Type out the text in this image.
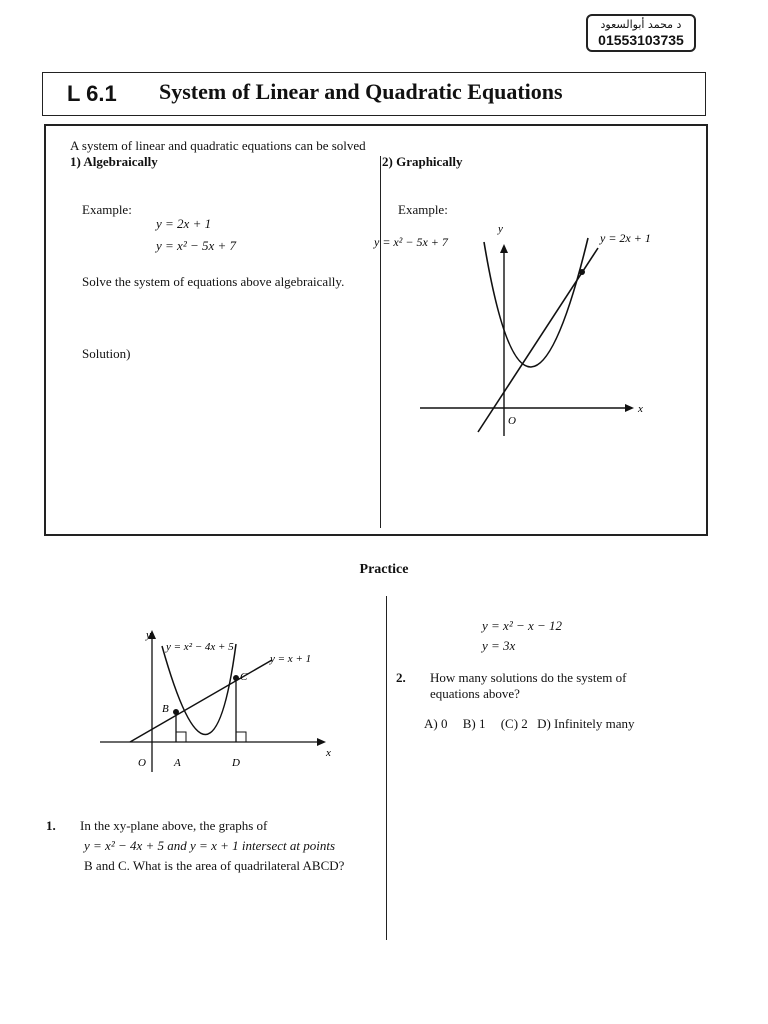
د محمد أبوالسعود
01553103735
L 6.1 System of Linear and Quadratic Equations
A system of linear and quadratic equations can be solved
1) Algebraically	2) Graphically
Example:
y = 2x + 1
y = x² − 5x + 7
Solve the system of equations above algebraically.
Solution)
Example:
y = x² − 5x + 7	y = 2x + 1
y
x
O
Practice
y = x² − 4x + 5
y = x + 1
y
x
O	A
B
C
D
1. In the xy-plane above, the graphs of
y = x² − 4x + 5 and y = x + 1 intersect at points
B and C. What is the area of quadrilateral ABCD?
y = x² − x − 12
y = 3x
2. How many solutions do the system of
equations above?
A) 0 B) 1 (C) 2 D) Infinitely many
